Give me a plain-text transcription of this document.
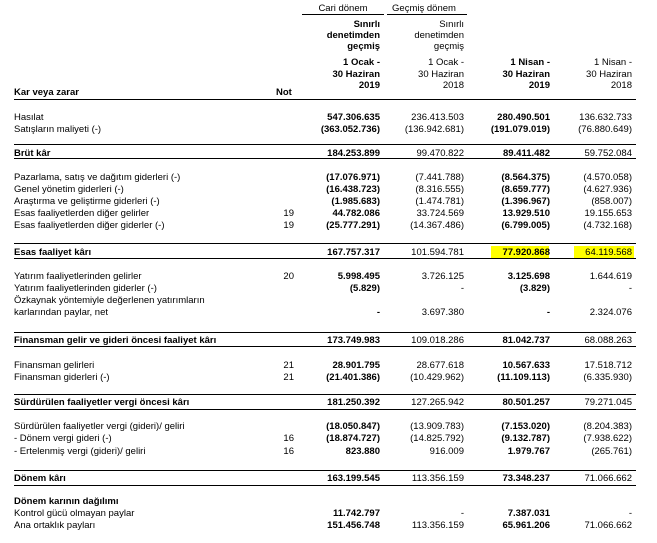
Cari dönem	Geçmiş dönem
Sınırlı
denetimden
geçmiş
1 Ocak -
30 Haziran
2019
Sınırlı
denetimden
geçmiş
1 Ocak -
30 Haziran
2018
1 Nisan -
30 Haziran
2019
1 Nisan -
30 Haziran
2018
Kar veya zarar	Not
Hasılat	547.306.635	236.413.503	280.490.501	136.632.733
Satışların maliyeti (-)	(363.052.736)	(136.942.681)	(191.079.019)	(76.880.649)
Brüt kâr	184.253.899	99.470.822	89.411.482	59.752.084
Pazarlama, satış ve dağıtım giderleri (-)	(17.076.971)	(7.441.788)	(8.564.375)	(4.570.058)
Genel yönetim giderleri (-)	(16.438.723)	(8.316.555)	(8.659.777)	(4.627.936)
Araştırma ve geliştirme giderleri (-)	(1.985.683)	(1.474.781)	(1.396.967)	(858.007)
Esas faaliyetlerden diğer gelirler	19	44.782.086	33.724.569	13.929.510	19.155.653
Esas faaliyetlerden diğer giderler (-)	19	(25.777.291)	(14.367.486)	(6.799.005)	(4.732.168)
Esas faaliyet kârı	167.757.317	101.594.781	77.920.868	64.119.568
Yatırım faaliyetlerinden gelirler	20	5.998.495	3.726.125	3.125.698	1.644.619
Yatırım faaliyetlerinden giderler (-)	(5.829)	-	(3.829)	-
Özkaynak yöntemiyle değerlenen yatırımların
karlarından paylar, net	-	3.697.380	-	2.324.076
Finansman gelir ve gideri öncesi faaliyet kârı	173.749.983	109.018.286	81.042.737	68.088.263
Finansman gelirleri	21	28.901.795	28.677.618	10.567.633	17.518.712
Finansman giderleri (-)	21	(21.401.386)	(10.429.962)	(11.109.113)	(6.335.930)
Sürdürülen faaliyetler vergi öncesi kârı	181.250.392	127.265.942	80.501.257	79.271.045
Sürdürülen faaliyetler vergi (gideri)/ geliri	(18.050.847)	(13.909.783)	(7.153.020)	(8.204.383)
- Dönem vergi gideri (-)	16	(18.874.727)	(14.825.792)	(9.132.787)	(7.938.622)
- Ertelenmiş vergi (gideri)/ geliri	16	823.880	916.009	1.979.767	(265.761)
Dönem kârı	163.199.545	113.356.159	73.348.237	71.066.662
Dönem karının dağılımı
Kontrol gücü olmayan paylar	11.742.797	-	7.387.031	-
Ana ortaklık payları	151.456.748	113.356.159	65.961.206	71.066.662
